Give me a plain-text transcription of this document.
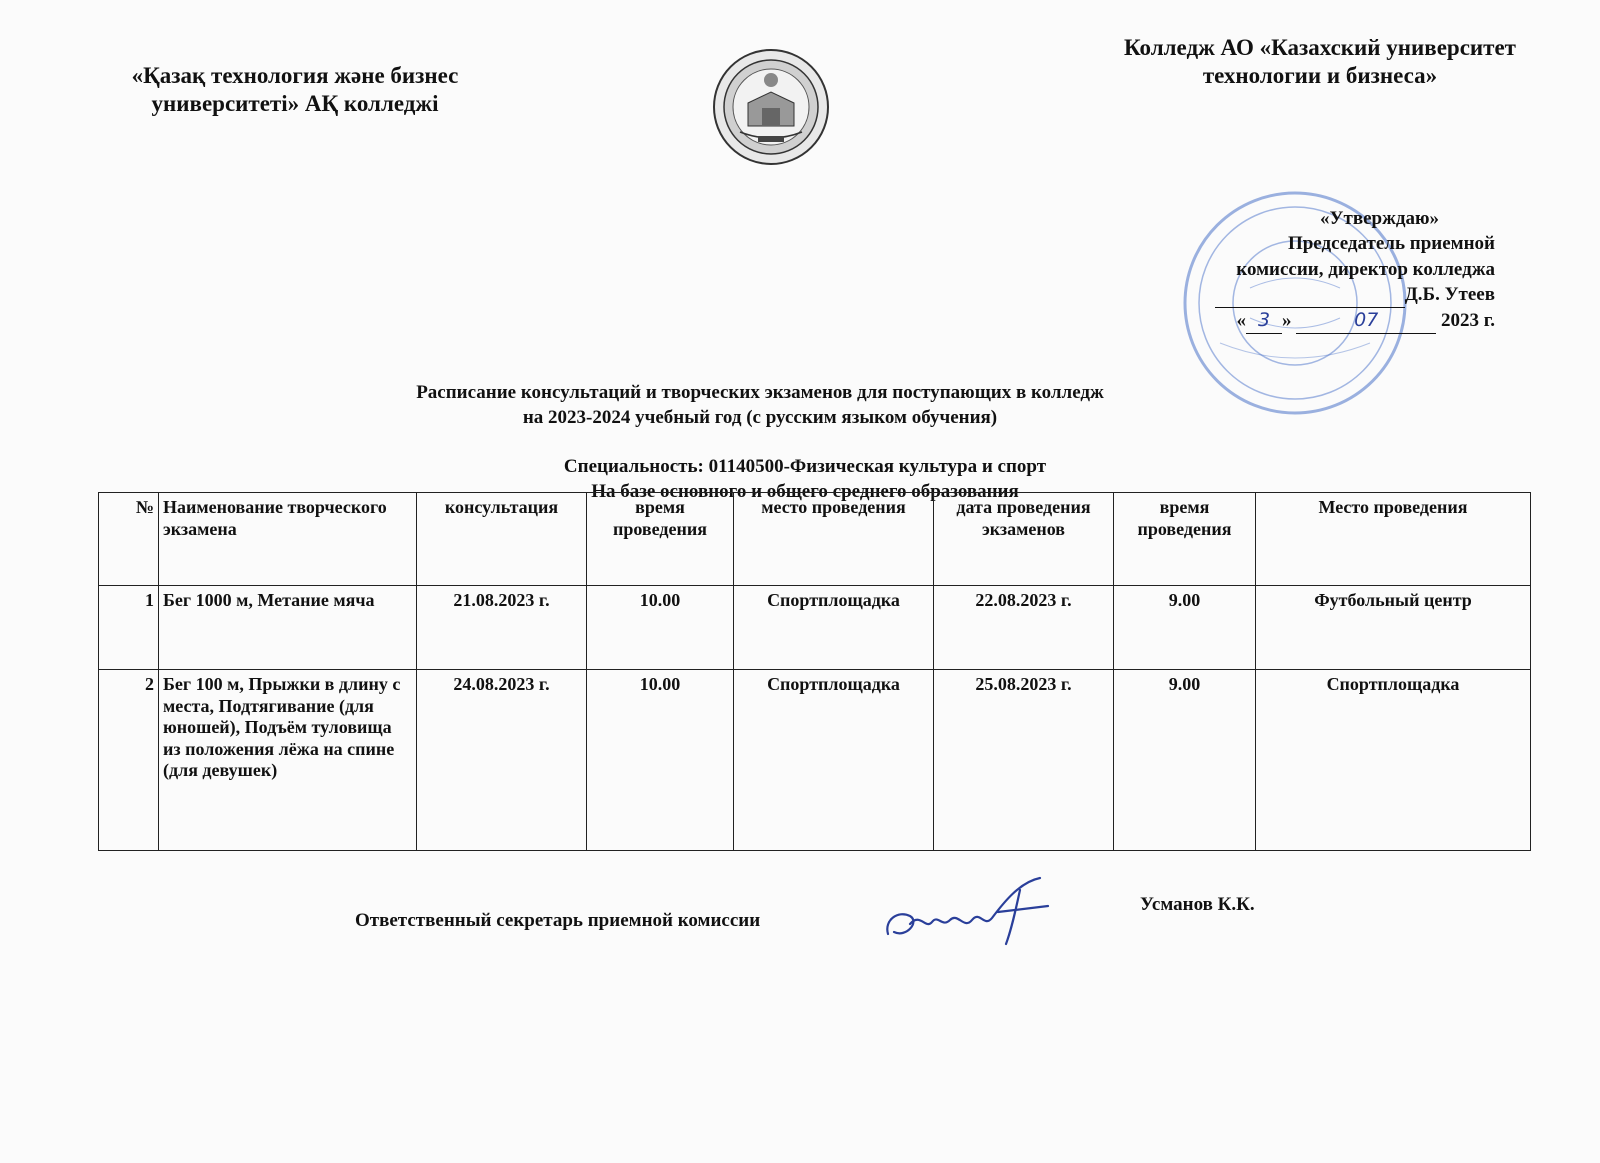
«Қазақ технология және бизнес
университеті» АҚ колледжі
Колледж АО «Казахский университет
технологии и бизнеса»
«Утверждаю»
Председатель приемной
комиссии, директор колледжа
Д.Б. Утеев
« 3 »	07	2023 г.
Расписание консультаций и творческих экзаменов для поступающих в колледж
на 2023-2024 учебный год (с русским языком обучения)
Специальность: 01140500-Физическая культура и спорт
На базе основного и общего среднего образования
№	Наименование творческого экзамена	консультация	время проведения	место проведения	дата проведения экзаменов	время проведения	Место проведения
1	Бег 1000 м, Метание мяча	21.08.2023 г.	10.00	Спортплощадка	22.08.2023 г.	9.00	Футбольный центр
2	Бег 100 м, Прыжки в длину с места, Подтягивание (для юношей), Подъём туловища из положения лёжа на спине (для девушек)	24.08.2023 г.	10.00	Спортплощадка	25.08.2023 г.	9.00	Спортплощадка
Ответственный секретарь приемной комиссии
Усманов К.К.
